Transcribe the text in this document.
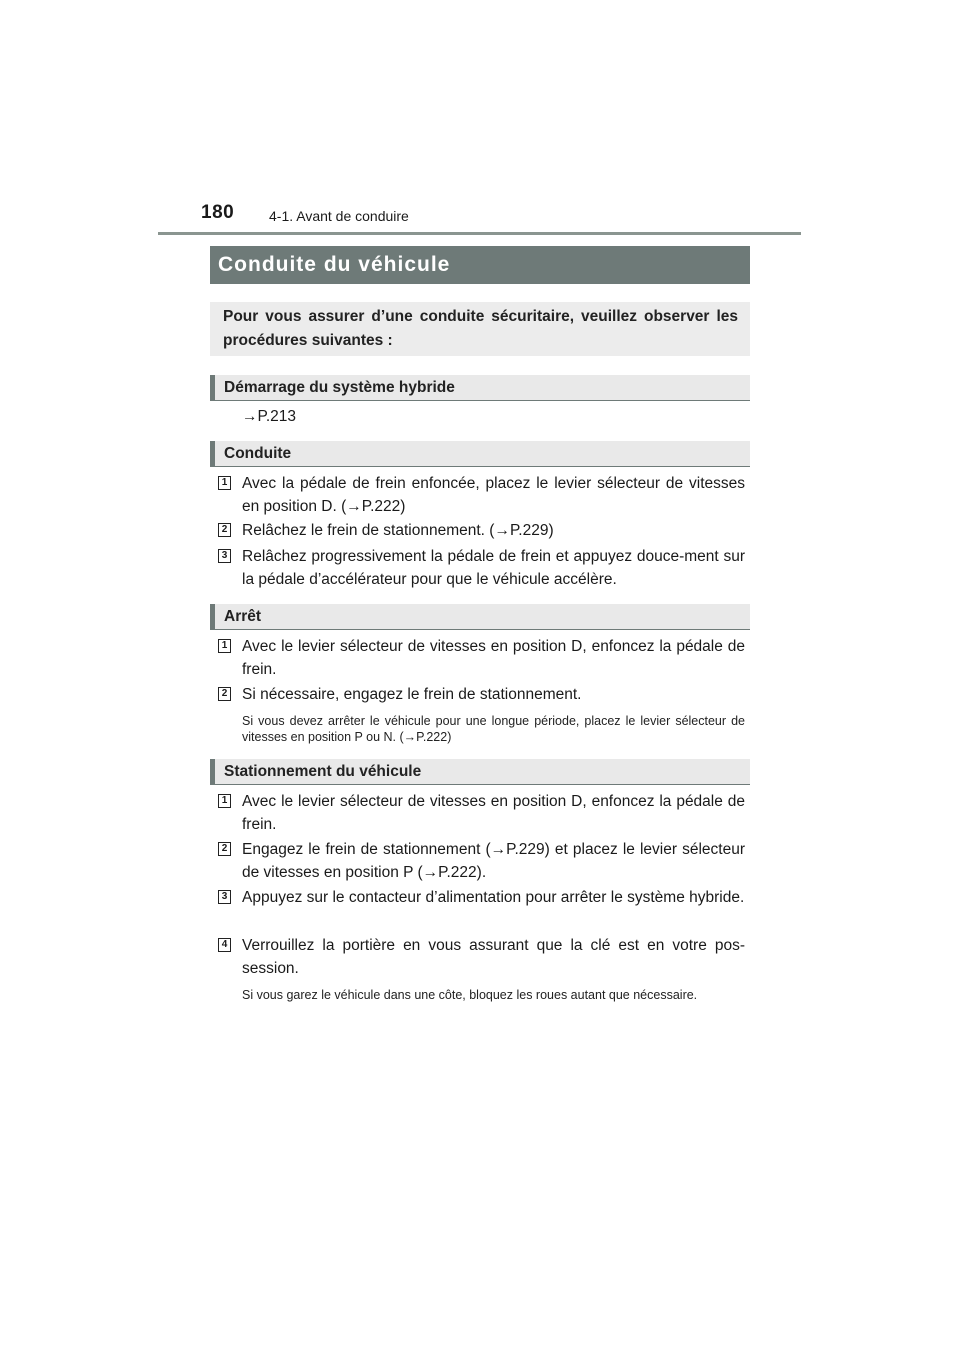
180 4-1. Avant de conduire
Conduite du véhicule
Pour vous assurer d’une conduite sécuritaire, veuillez observer les procédures suivantes :
Démarrage du système hybride
→P.213
Conduite
1 Avec la pédale de frein enfoncée, placez le levier sélecteur de vitesses en position D. (→P.222)
2 Relâchez le frein de stationnement. (→P.229)
3 Relâchez progressivement la pédale de frein et appuyez douce-ment sur la pédale d’accélérateur pour que le véhicule accélère.
Arrêt
1 Avec le levier sélecteur de vitesses en position D, enfoncez la pédale de frein.
2 Si nécessaire, engagez le frein de stationnement.
Si vous devez arrêter le véhicule pour une longue période, placez le levier sélecteur de vitesses en position P ou N. (→P.222)
Stationnement du véhicule
1 Avec le levier sélecteur de vitesses en position D, enfoncez la pédale de frein.
2 Engagez le frein de stationnement (→P.229) et placez le levier sélecteur de vitesses en position P (→P.222).
3 Appuyez sur le contacteur d’alimentation pour arrêter le système hybride.
4 Verrouillez la portière en vous assurant que la clé est en votre pos-session.
Si vous garez le véhicule dans une côte, bloquez les roues autant que nécessaire.
